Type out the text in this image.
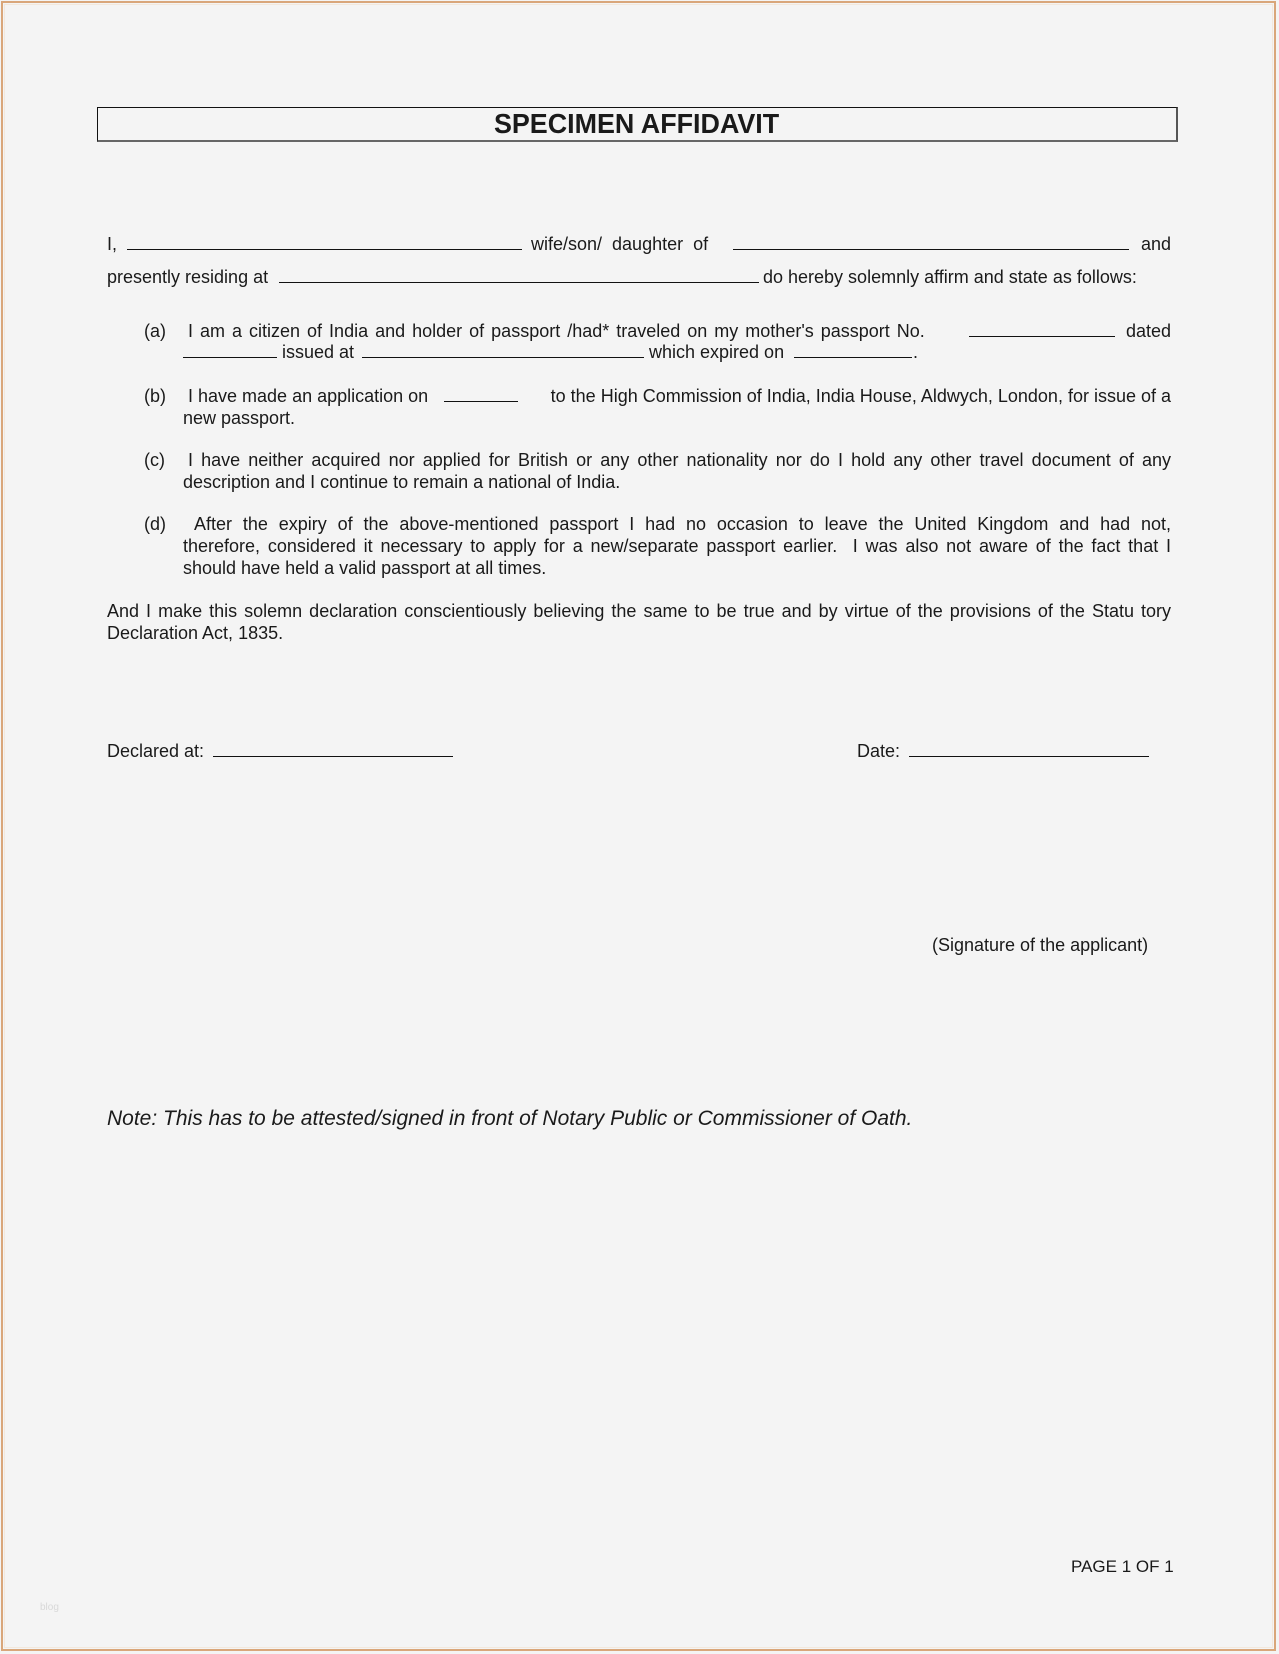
SPECIMEN AFFIDAVIT
I,	wife/son/  daughter  of	and
presently residing at	do hereby solemnly affirm and state as follows:
(a) I am a citizen of India and holder of passport /had* traveled on my mother's passport No.	dated
issued at	which expired on	.
(b) I have made an application on	to the High Commission of India, India House, Aldwych, London, for issue of a
new passport.
(c) I have neither acquired nor applied for British or any other nationality nor do I hold any other travel document of any
description and I continue to remain a national of India.
(d) After the expiry of the above-mentioned passport I had no occasion to leave the United Kingdom and had not,
therefore, considered it necessary to apply for a new/separate passport earlier.  I was also not aware of the fact that I
should have held a valid passport at all times.
And I make this solemn declaration conscientiously believing the same to be true and by virtue of the provisions of the Statu tory
Declaration Act, 1835.
Declared at:	Date:
(Signature of the applicant)
Note: This has to be attested/signed in front of Notary Public or Commissioner of Oath.
PAGE 1 OF 1
blog
